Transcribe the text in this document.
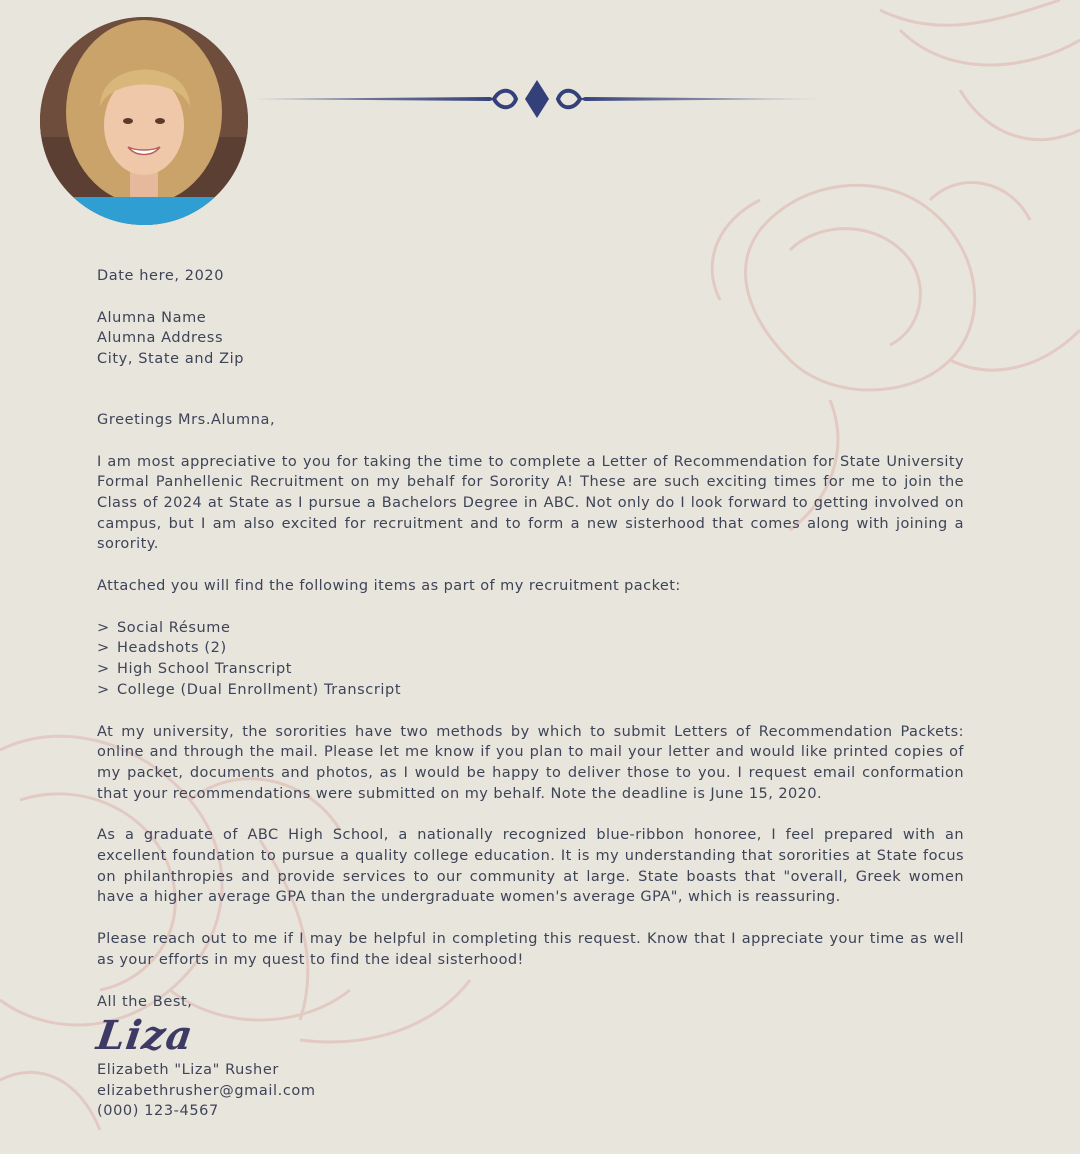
Date here, 2020

Alumna Name

Alumna Address

City, State and Zip

Greetings Mrs.Alumna,

I am most appreciative to you for taking the time to complete a Letter of Recommendation for State University Formal Panhellenic Recruitment on my behalf for Sorority A! These are such exciting times for me to join the Class of 2024 at State as I pursue a Bachelors Degree in ABC. Not only do I look forward to getting involved on campus, but I am also excited for recruitment and to form a new sisterhood that comes along with joining a sorority.

Attached you will find the following items as part of my recruitment packet:

> Social Résume
> Headshots (2)
> High School Transcript
> College (Dual Enrollment) Transcript

At my university, the sororities have two methods by which to submit Letters of Recommendation Packets: online and through the mail. Please let me know if you plan to mail your letter and would like printed copies of my packet, documents and photos, as I would be happy to deliver those to you. I request email conformation that your recommendations were submitted on my behalf. Note the deadline is June 15, 2020.

As a graduate of ABC High School, a nationally recognized blue-ribbon honoree, I feel prepared with an excellent foundation to pursue a quality college education. It is my understanding that sororities at State focus on philanthropies and provide services to our community at large. State boasts that "overall, Greek women have a higher average GPA than the undergraduate women's average GPA", which is reassuring.

Please reach out to me if I may be helpful in completing this request. Know that I appreciate your time as well as your efforts in my quest to find the ideal sisterhood!

All the Best,

Liza

Elizabeth "Liza" Rusher

elizabethrusher@gmail.com

(000) 123-4567
